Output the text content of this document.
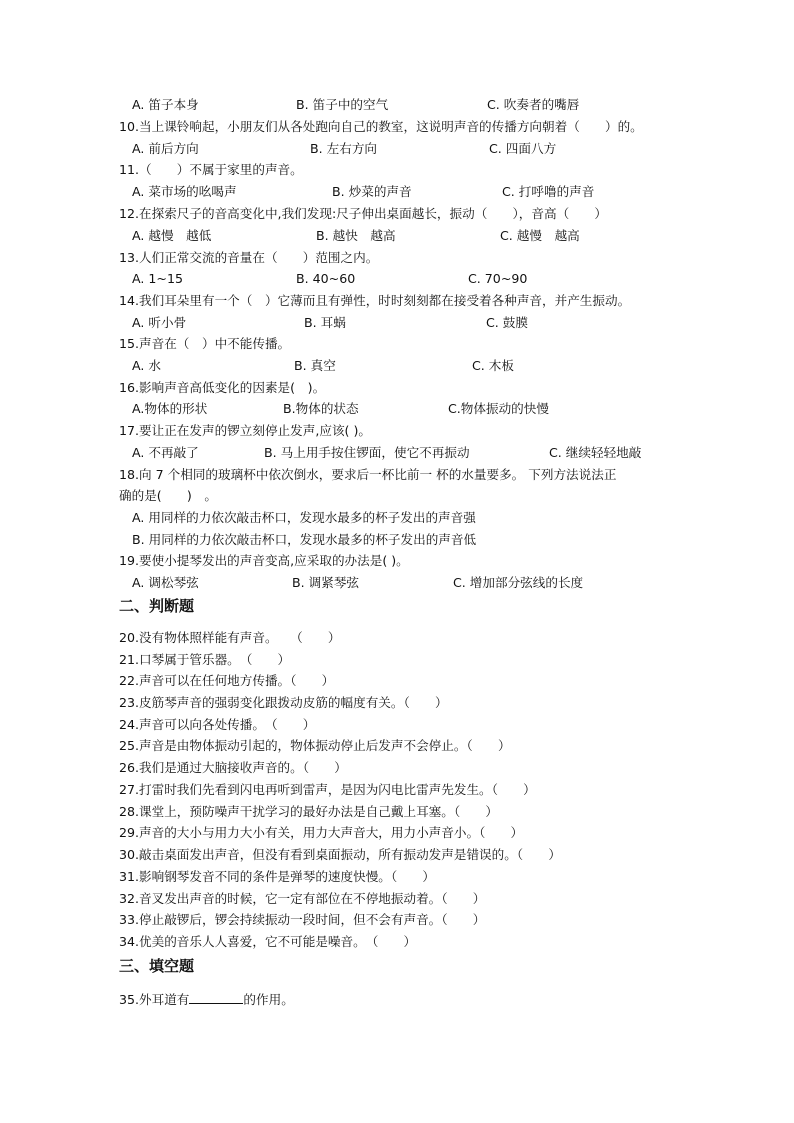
A. 笛子本身	B. 笛子中的空气	C. 吹奏者的嘴唇
10.当上课铃响起，小朋友们从各处跑向自己的教室，这说明声音的传播方向朝着（　　）的。
A. 前后方向	B. 左右方向	C. 四面八方
11.（　　）不属于家里的声音。
A. 菜市场的吆喝声	B. 炒菜的声音	C. 打呼噜的声音
12.在探索尺子的音高变化中,我们发现:尺子伸出桌面越长，振动（　　），音高（　　）
A. 越慢　越低	B. 越快　越高	C. 越慢　越高
13.人们正常交流的音量在（　　）范围之内。
A. 1~15	B. 40~60	C. 70~90
14.我们耳朵里有一个（　）它薄而且有弹性，时时刻刻都在接受着各种声音，并产生振动。
A. 听小骨	B. 耳蜗	C. 鼓膜
15.声音在（　）中不能传播。
A. 水	B. 真空	C. 木板
16.影响声音高低变化的因素是(　)。
A.物体的形状	B.物体的状态	C.物体振动的快慢
17.要让正在发声的锣立刻停止发声,应该( )。
A. 不再敲了	B. 马上用手按住锣面，使它不再振动	C. 继续轻轻地敲
18.向 7 个相同的玻璃杯中依次倒水，要求后一杯比前一 杯的水量要多。 下列方法说法正
确的是(　　)　。
A. 用同样的力依次敲击杯口，发现水最多的杯子发出的声音强
B. 用同样的力依次敲击杯口，发现水最多的杯子发出的声音低
19.要使小提琴发出的声音变高,应采取的办法是( )。
A. 调松琴弦	B. 调紧琴弦	C. 增加部分弦线的长度
二、判断题
20.没有物体照样能有声音。　　（　　）
21.口琴属于管乐器。　（　　）
22.声音可以在任何地方传播。（　　）
23.皮筋琴声音的强弱变化跟拨动皮筋的幅度有关。（　　）
24.声音可以向各处传播。　（　　）
25.声音是由物体振动引起的，物体振动停止后发声不会停止。（　　）
26.我们是通过大脑接收声音的。（　　）
27.打雷时我们先看到闪电再听到雷声，是因为闪电比雷声先发生。（　　）
28.课堂上，预防噪声干扰学习的最好办法是自己戴上耳塞。（　　）
29.声音的大小与用力大小有关，用力大声音大，用力小声音小。（　　）
30.敲击桌面发出声音，但没有看到桌面振动，所有振动发声是错误的。（　　）
31.影响钢琴发音不同的条件是弹琴的速度快慢。（　　）
32.音叉发出声音的时候，它一定有部位在不停地振动着。（　　）
33.停止敲锣后，锣会持续振动一段时间，但不会有声音。（　　）
34.优美的音乐人人喜爱，它不可能是噪音。　（　　）
三、填空题
35.外耳道有	的作用。
